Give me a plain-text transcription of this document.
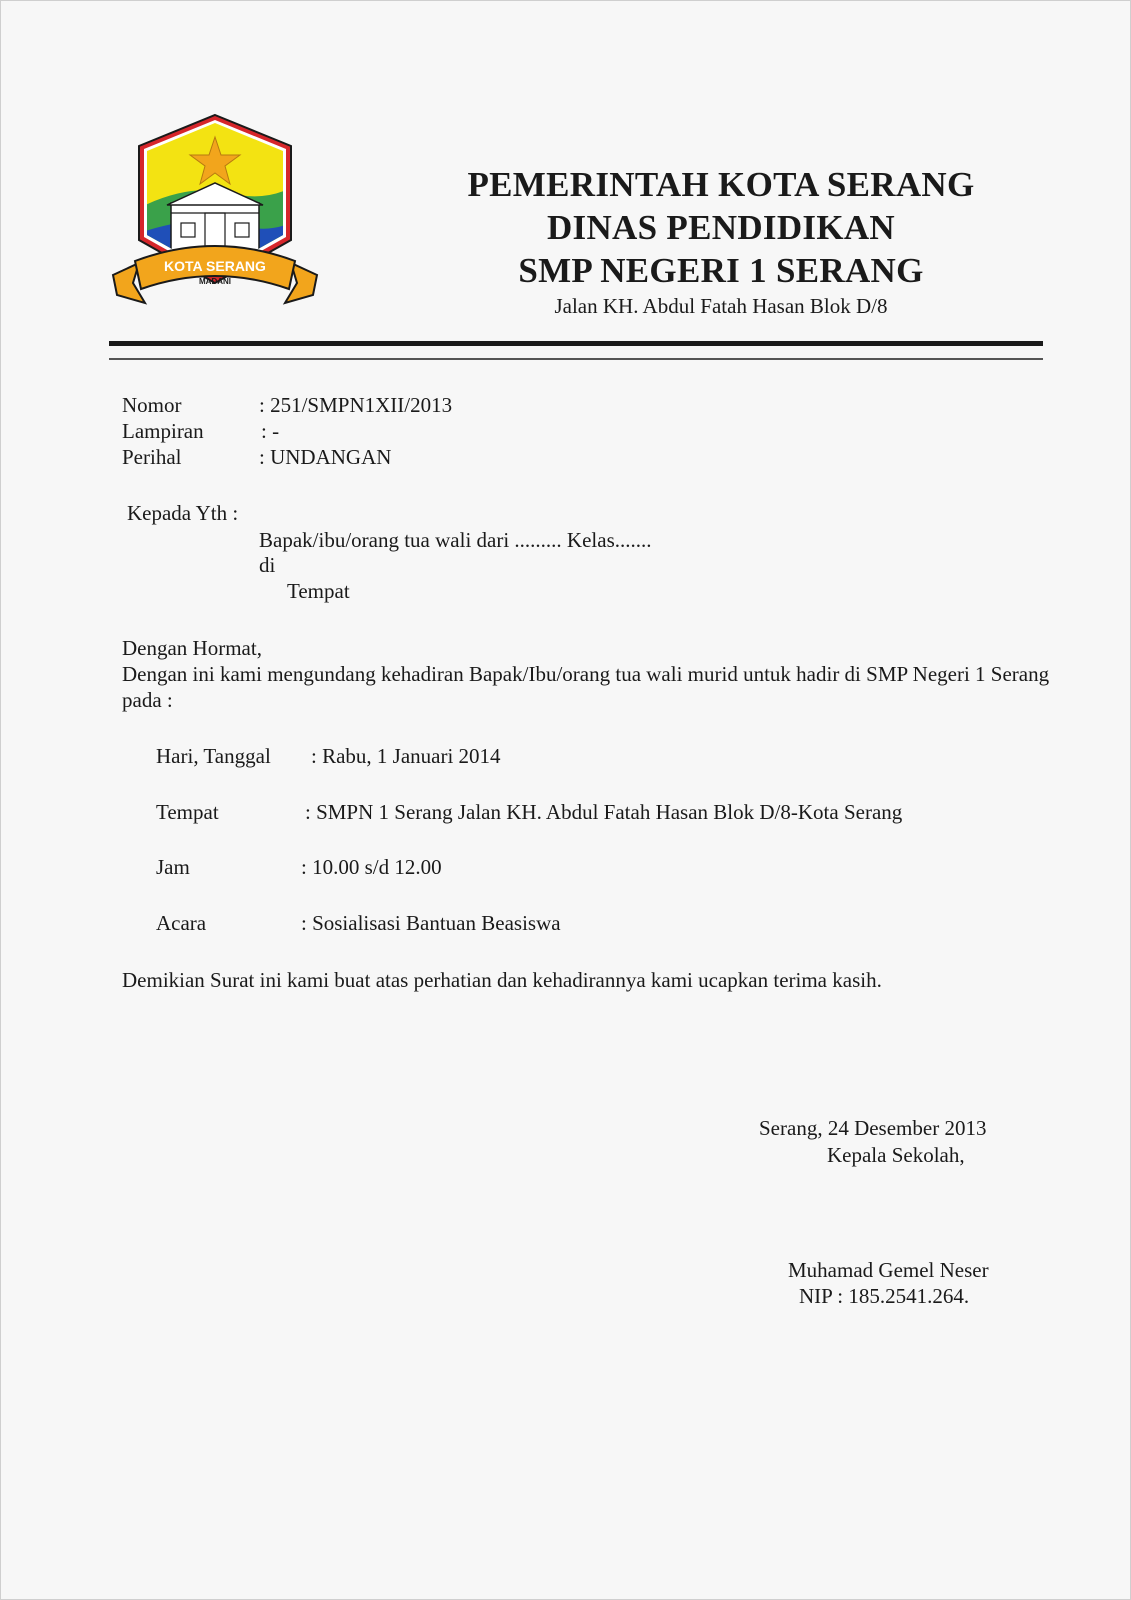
KOTA SERANG
MADANI
PEMERINTAH KOTA SERANG
DINAS PENDIDIKAN
SMP NEGERI 1 SERANG
Jalan KH. Abdul Fatah Hasan Blok D/8
Nomor	: 251/SMPN1XII/2013
Lampiran	: -
Perihal	: UNDANGAN
Kepada Yth :
Bapak/ibu/orang tua wali dari ......... Kelas.......
di
Tempat
Dengan Hormat,
Dengan ini kami mengundang kehadiran Bapak/Ibu/orang tua wali murid untuk hadir di SMP Negeri 1 Serang pada :
Hari, Tanggal : Rabu, 1 Januari 2014
Tempat	: SMPN 1 Serang Jalan KH. Abdul Fatah Hasan Blok D/8-Kota Serang
Jam	: 10.00 s/d 12.00
Acara	: Sosialisasi Bantuan Beasiswa
Demikian Surat ini kami buat atas perhatian dan kehadirannya kami ucapkan terima kasih.
Serang, 24 Desember 2013
Kepala Sekolah,
Muhamad Gemel Neser
NIP : 185.2541.264.
